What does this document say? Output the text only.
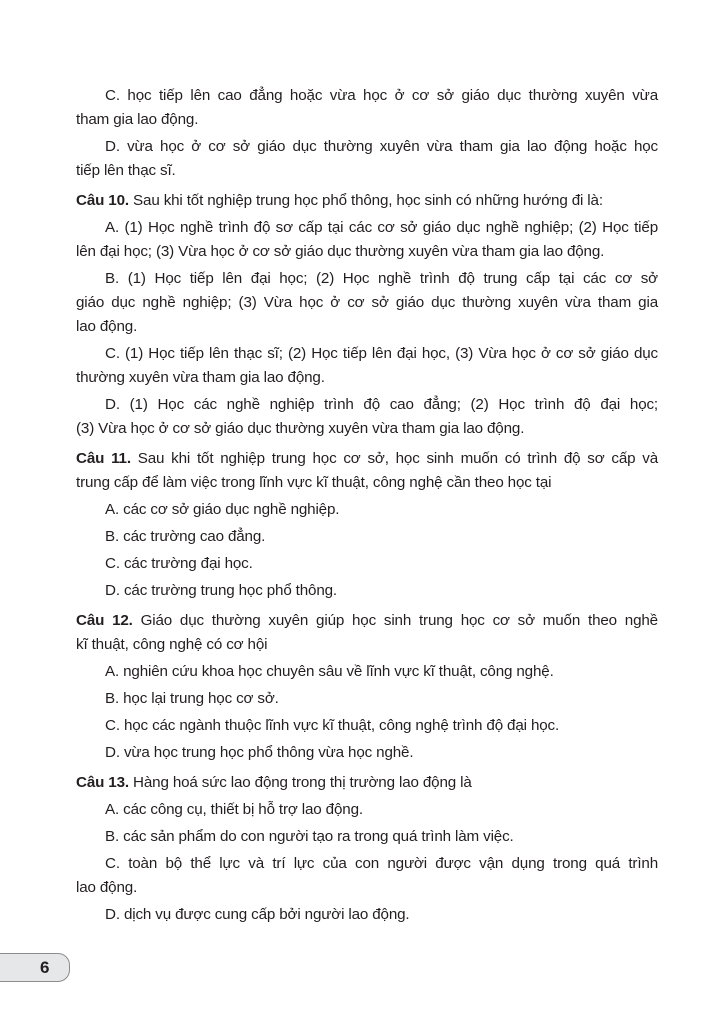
C. học tiếp lên cao đẳng hoặc vừa học ở cơ sở giáo dục thường xuyên vừa
tham gia lao động.
D. vừa học ở cơ sở giáo dục thường xuyên vừa tham gia lao động hoặc học
tiếp lên thạc sĩ.
Câu 10. Sau khi tốt nghiệp trung học phổ thông, học sinh có những hướng đi là:
A. (1) Học nghề trình độ sơ cấp tại các cơ sở giáo dục nghề nghiệp; (2) Học tiếp
lên đại học; (3) Vừa học ở cơ sở giáo dục thường xuyên vừa tham gia lao động.
B. (1) Học tiếp lên đại học; (2) Học nghề trình độ trung cấp tại các cơ sở
giáo dục nghề nghiệp; (3) Vừa học ở cơ sở giáo dục thường xuyên vừa tham gia
lao động.
C. (1) Học tiếp lên thạc sĩ; (2) Học tiếp lên đại học, (3) Vừa học ở cơ sở giáo dục
thường xuyên vừa tham gia lao động.
D. (1) Học các nghề nghiệp trình độ cao đẳng; (2) Học trình độ đại học;
(3) Vừa học ở cơ sở giáo dục thường xuyên vừa tham gia lao động.
Câu 11. Sau khi tốt nghiệp trung học cơ sở, học sinh muốn có trình độ sơ cấp và
trung cấp để làm việc trong lĩnh vực kĩ thuật, công nghệ cần theo học tại
A. các cơ sở giáo dục nghề nghiệp.
B. các trường cao đẳng.
C. các trường đại học.
D. các trường trung học phổ thông.
Câu 12. Giáo dục thường xuyên giúp học sinh trung học cơ sở muốn theo nghề
kĩ thuật, công nghệ có cơ hội
A. nghiên cứu khoa học chuyên sâu về lĩnh vực kĩ thuật, công nghệ.
B. học lại trung học cơ sở.
C. học các ngành thuộc lĩnh vực kĩ thuật, công nghệ trình độ đại học.
D. vừa học trung học phổ thông vừa học nghề.
Câu 13. Hàng hoá sức lao động trong thị trường lao động là
A. các công cụ, thiết bị hỗ trợ lao động.
B. các sản phẩm do con người tạo ra trong quá trình làm việc.
C. toàn bộ thể lực và trí lực của con người được vận dụng trong quá trình
lao động.
D. dịch vụ được cung cấp bởi người lao động.
6
